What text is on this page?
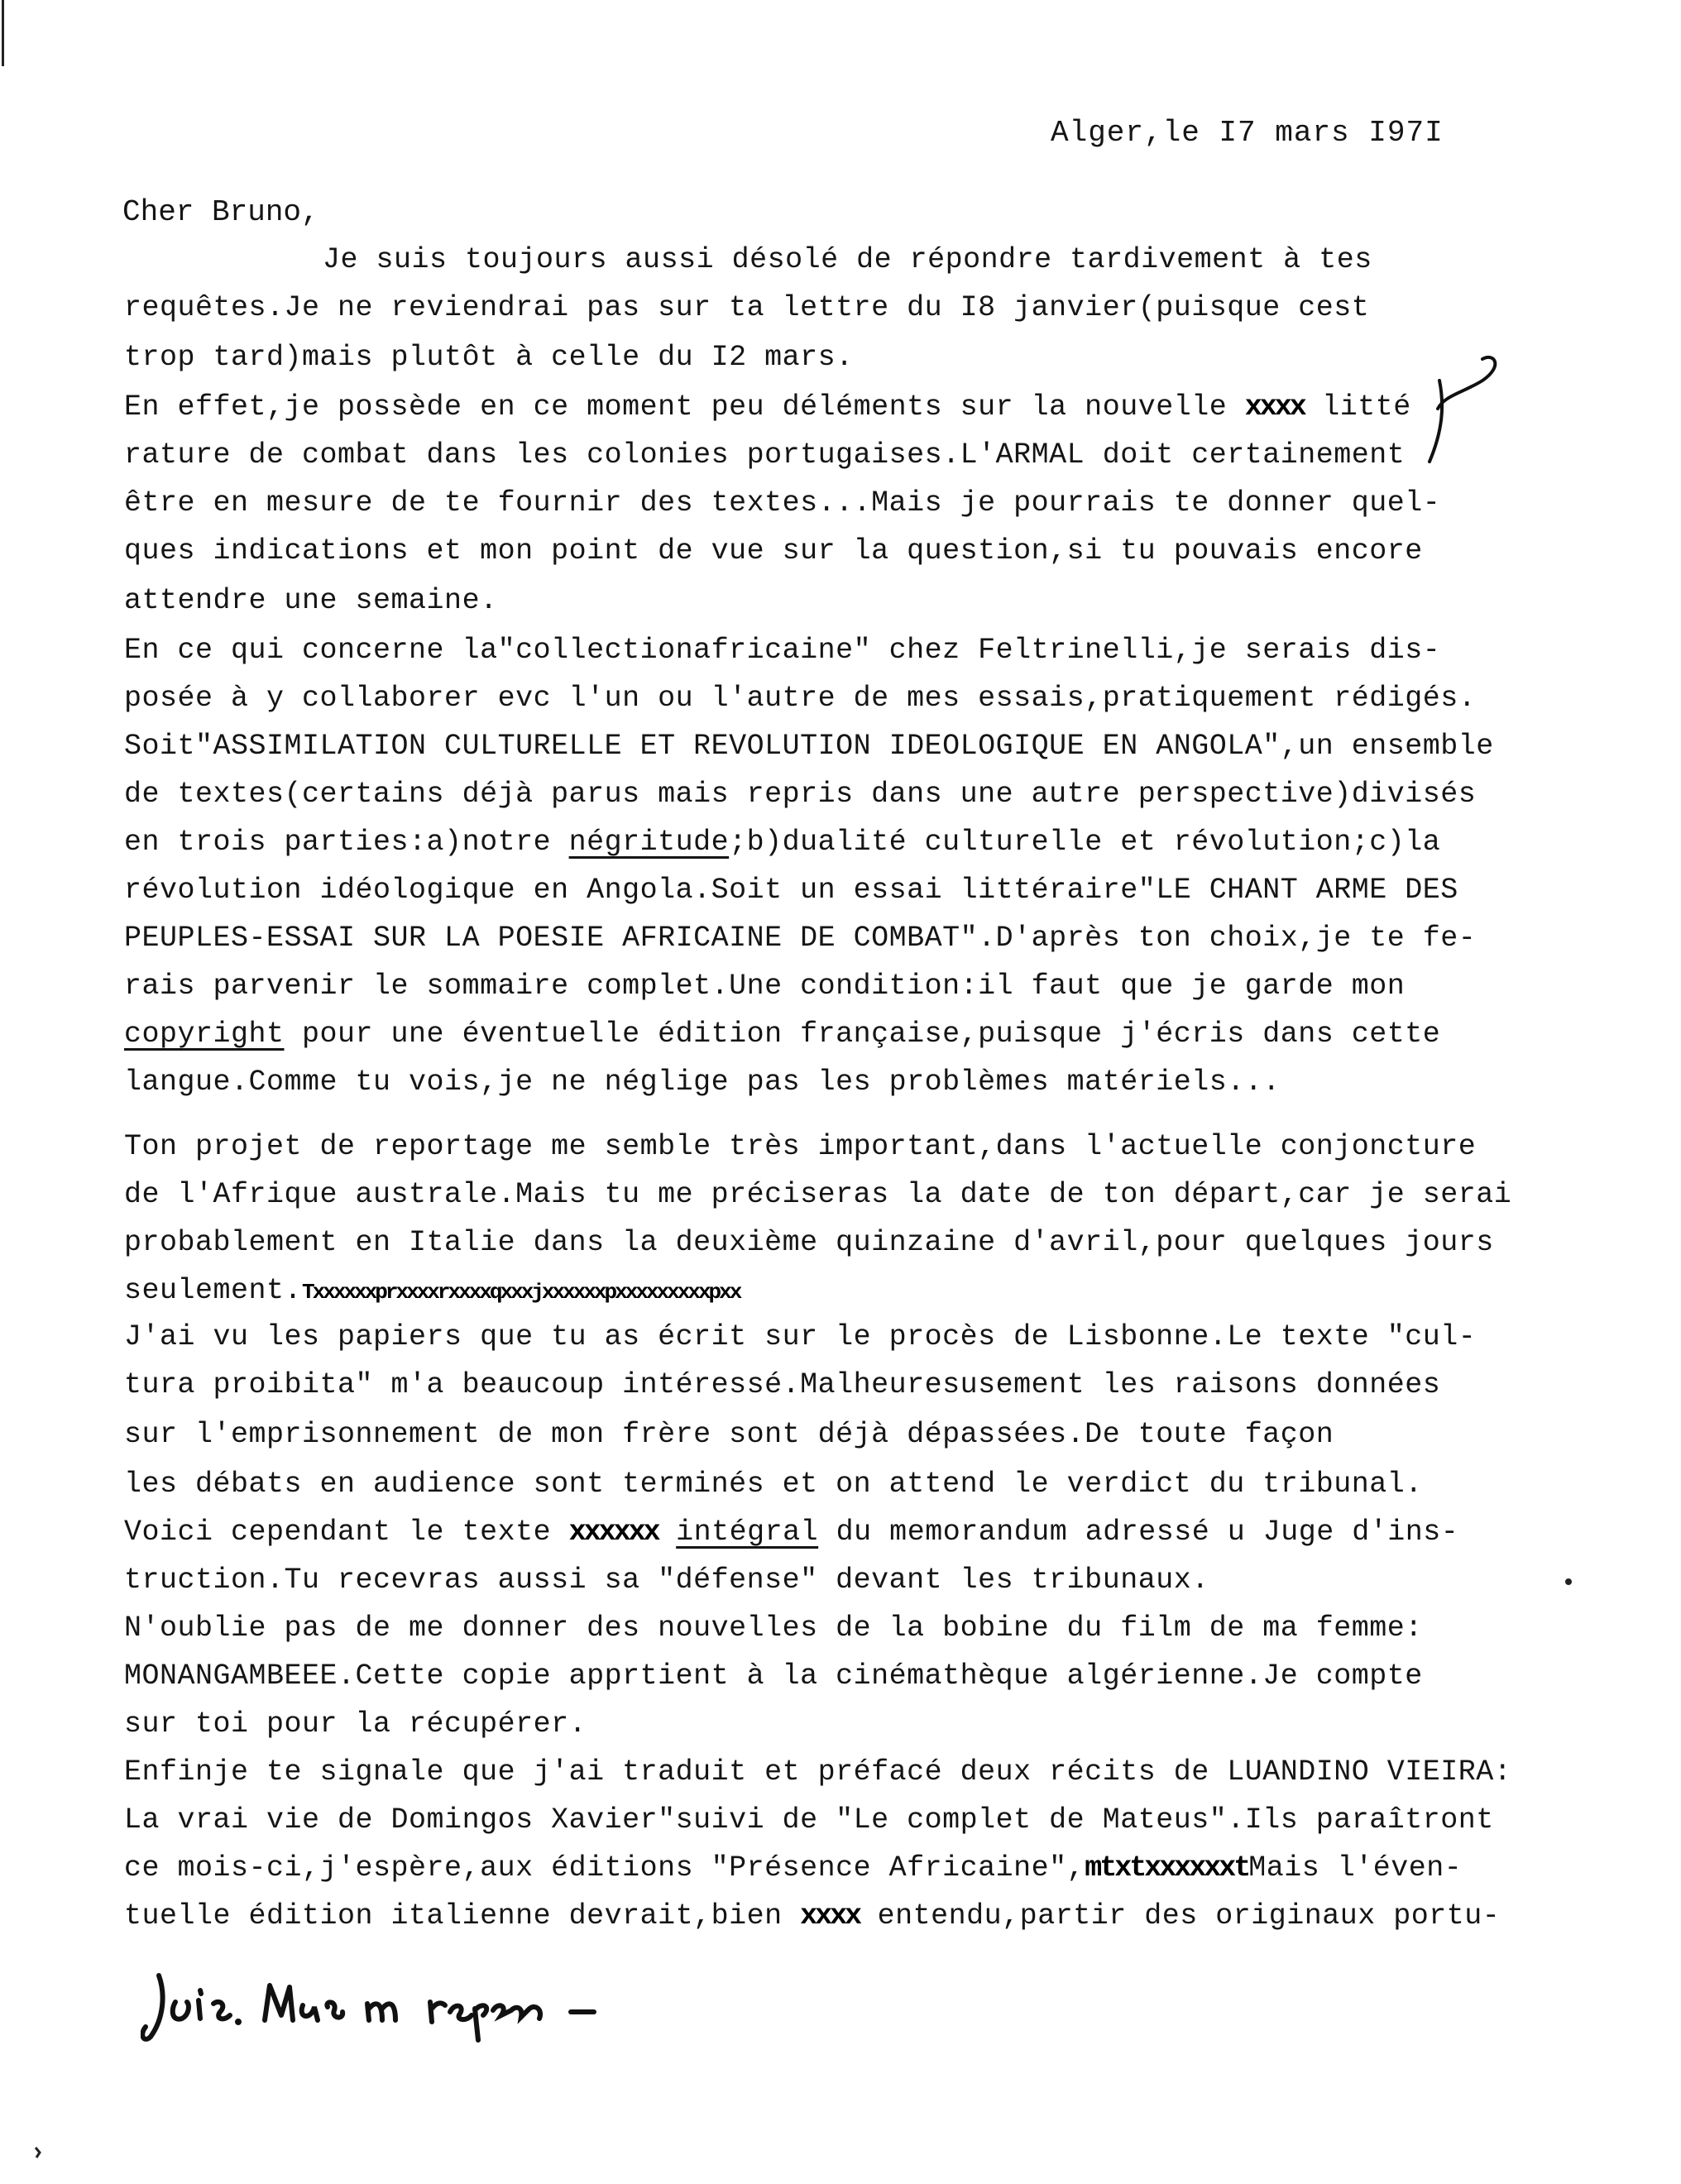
Alger,le I7 mars I97I
Cher Bruno,
Je suis toujours aussi désolé de répondre tardivement à tes
requêtes.Je ne reviendrai pas sur ta lettre du I8 janvier(puisque cest
trop tard)mais plutôt à celle du I2 mars.
En effet,je possède en ce moment peu déléments sur la nouvelle xxxx litté
rature de combat dans les colonies portugaises.L'ARMAL doit certainement
être en mesure de te fournir des textes...Mais je pourrais te donner quel-
ques indications et mon point de vue sur la question,si tu pouvais encore
attendre une semaine.
En ce qui concerne la"collectionafricaine" chez Feltrinelli,je serais dis-
posée à y collaborer evc l'un ou l'autre de mes essais,pratiquement rédigés.
Soit"ASSIMILATION CULTURELLE ET REVOLUTION IDEOLOGIQUE EN ANGOLA",un ensemble
de textes(certains déjà parus mais repris dans une autre perspective)divisés
en trois parties:a)notre négritude;b)dualité culturelle et révolution;c)la
révolution idéologique en Angola.Soit un essai littéraire"LE CHANT ARME DES
PEUPLES-ESSAI SUR LA POESIE AFRICAINE DE COMBAT".D'après ton choix,je te fe-
rais parvenir le sommaire complet.Une condition:il faut que je garde mon
copyright pour une éventuelle édition française,puisque j'écris dans cette
langue.Comme tu vois,je ne néglige pas les problèmes matériels...
Ton projet de reportage me semble très important,dans l'actuelle conjoncture
de l'Afrique australe.Mais tu me préciseras la date de ton départ,car je serai
probablement en Italie dans la deuxième quinzaine d'avril,pour quelques jours
seulement.Txxxxxxprxxxxrxxxxqxxxjxxxxxxpxxxxxxxxxpxx
J'ai vu les papiers que tu as écrit sur le procès de Lisbonne.Le texte "cul-
tura proibita" m'a beaucoup intéressé.Malheuresusement les raisons données
sur l'emprisonnement de mon frère sont déjà dépassées.De toute façon
les débats en audience sont terminés et on attend le verdict du tribunal.
Voici cependant le texte xxxxxx intégral du memorandum adressé u Juge d'ins-
truction.Tu recevras aussi sa "défense" devant les tribunaux.
N'oublie pas de me donner des nouvelles de la bobine du film de ma femme:
MONANGAMBEEE.Cette copie apprtient à la cinémathèque algérienne.Je compte
sur toi pour la récupérer.
Enfinje te signale que j'ai traduit et préfacé deux récits de LUANDINO VIEIRA:
La vrai vie de Domingos Xavier"suivi de "Le complet de Mateus".Ils paraîtront
ce mois-ci,j'espère,aux éditions "Présence Africaine",mtxtxxxxxxtMais l'éven-
tuelle édition italienne devrait,bien xxxx entendu,partir des originaux portu-
